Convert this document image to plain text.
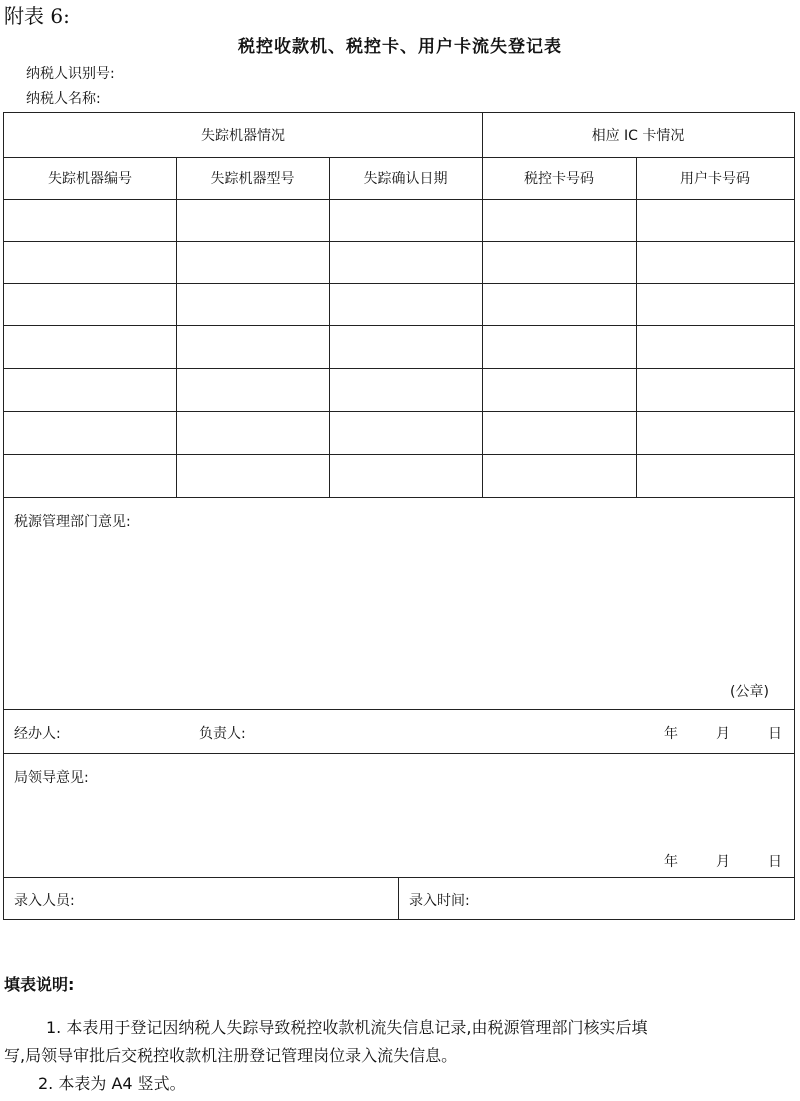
附表 6:
税控收款机、税控卡、用户卡流失登记表
纳税人识别号:
纳税人名称:
失踪机器情况	相应 IC 卡情况
失踪机器编号	失踪机器型号	失踪确认日期	税控卡号码	用户卡号码
税源管理部门意见:
(公章)
经办人:	负责人:	年	月	日
局领导意见:
年	月	日
录入人员:	录入时间:
填表说明:
1. 本表用于登记因纳税人失踪导致税控收款机流失信息记录,由税源管理部门核实后填
写,局领导审批后交税控收款机注册登记管理岗位录入流失信息。
2. 本表为 A4 竖式。
